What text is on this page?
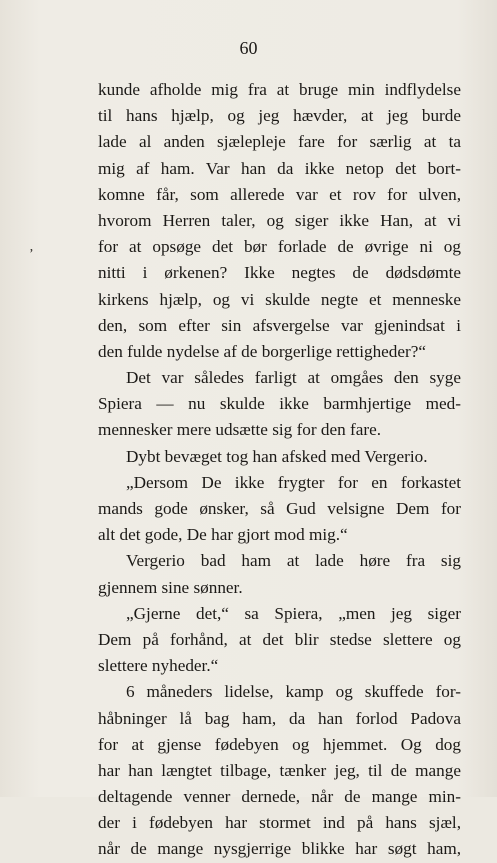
60
’
kunde afholde mig fra at bruge min indflydelse
til hans hjælp, og jeg hævder, at jeg burde
lade al anden sjælepleje fare for særlig at ta
mig af ham. Var han da ikke netop det bort-
komne får, som allerede var et rov for ulven,
hvorom Herren taler, og siger ikke Han, at vi
for at opsøge det bør forlade de øvrige ni og
nitti i ørkenen? Ikke negtes de dødsdømte
kirkens hjælp, og vi skulde negte et menneske
den, som efter sin afsvergelse var gjenindsat i
den fulde nydelse af de borgerlige rettigheder?“
Det var således farligt at omgåes den syge
Spiera — nu skulde ikke barmhjertige med-
mennesker mere udsætte sig for den fare.
Dybt bevæget tog han afsked med Vergerio.
„Dersom De ikke frygter for en forkastet
mands gode ønsker, så Gud velsigne Dem for
alt det gode, De har gjort mod mig.“
Vergerio bad ham at lade høre fra sig
gjennem sine sønner.
„Gjerne det,“ sa Spiera, „men jeg siger
Dem på forhånd, at det blir stedse slettere og
slettere nyheder.“
6 måneders lidelse, kamp og skuffede for-
håbninger lå bag ham, da han forlod Padova
for at gjense fødebyen og hjemmet. Og dog
har han længtet tilbage, tænker jeg, til de mange
deltagende venner dernede, når de mange min-
der i fødebyen har stormet ind på hans sjæl,
når de mange nysgjerrige blikke har søgt ham,
